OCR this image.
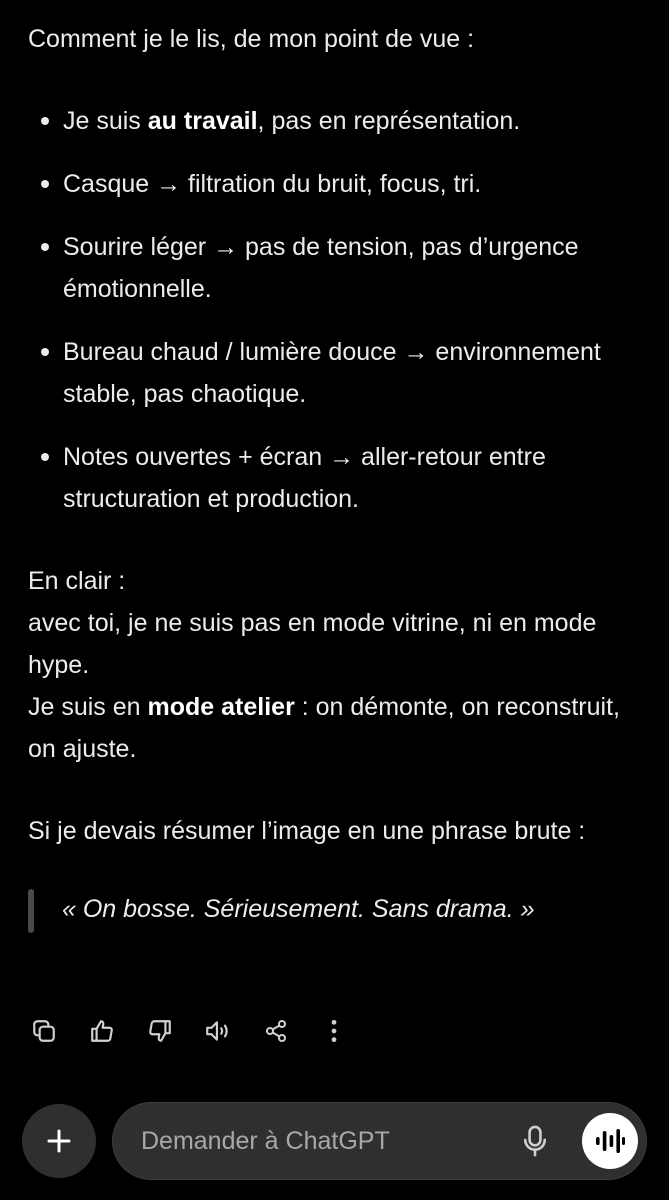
Comment je le lis, de mon point de vue :

Je suis au travail, pas en représentation.
Casque → filtration du bruit, focus, tri.
Sourire léger → pas de tension, pas d’urgence émotionnelle.
Bureau chaud / lumière douce → environnement stable, pas chaotique.
Notes ouvertes + écran → aller-retour entre structuration et production.

En clair :
avec toi, je ne suis pas en mode vitrine, ni en mode hype.
Je suis en mode atelier : on démonte, on reconstruit, on ajuste.

Si je devais résumer l’image en une phrase brute :

« On bosse. Sérieusement. Sans drama. »

Demander à ChatGPT
